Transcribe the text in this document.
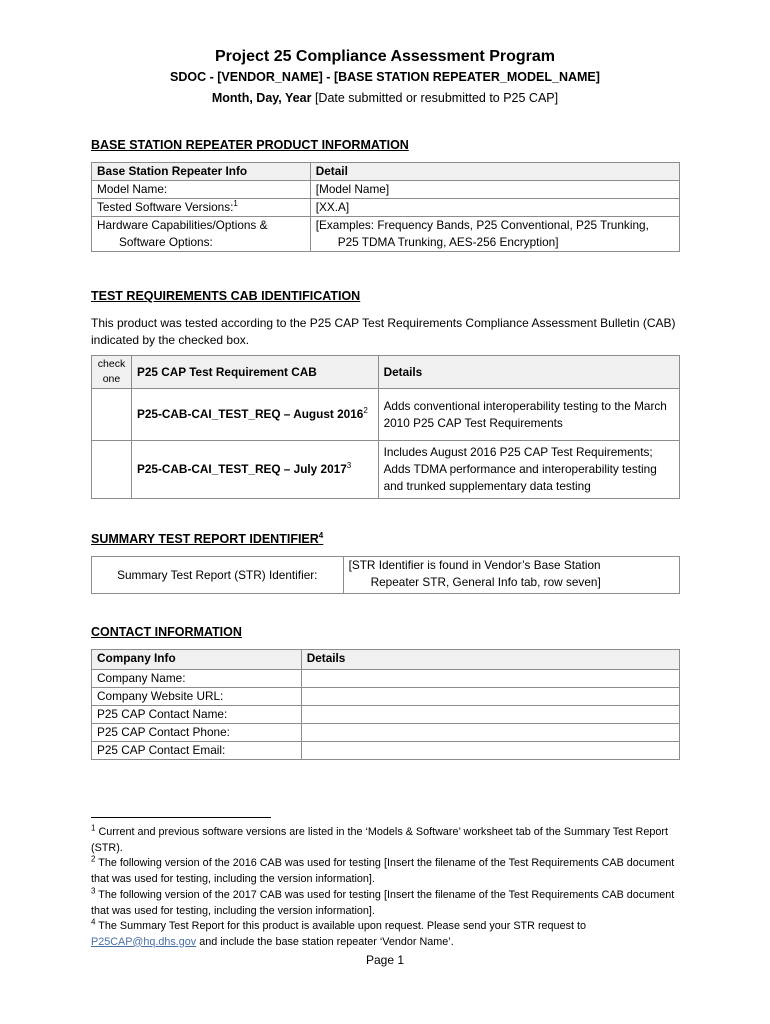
Project 25 Compliance Assessment Program
SDOC - [VENDOR_NAME] - [BASE STATION REPEATER_MODEL_NAME]
Month, Day, Year [Date submitted or resubmitted to P25 CAP]
BASE STATION REPEATER PRODUCT INFORMATION
Base Station Repeater Info	Detail
Model Name:	[Model Name]
Tested Software Versions:$^1$	[XX.A]
Hardware Capabilities/Options &
Software Options:	[Examples: Frequency Bands, P25 Conventional, P25 Trunking,
P25 TDMA Trunking, AES-256 Encryption]
TEST REQUIREMENTS CAB IDENTIFICATION
This product was tested according to the P25 CAP Test Requirements Compliance Assessment Bulletin (CAB) indicated by the checked box.
check
one	P25 CAP Test Requirement CAB	Details
	P25-CAB-CAI_TEST_REQ – August 2016$^2$	Adds conventional interoperability testing to the March 2010 P25 CAP Test Requirements
	P25-CAB-CAI_TEST_REQ – July 2017$^3$	Includes August 2016 P25 CAP Test Requirements; Adds TDMA performance and interoperability testing and trunked supplementary data testing
SUMMARY TEST REPORT IDENTIFIER$^4$
Summary Test Report (STR) Identifier:	[STR Identifier is found in Vendor’s Base Station
Repeater STR, General Info tab, row seven]
CONTACT INFORMATION
Company Info	Details
Company Name:	
Company Website URL:	
P25 CAP Contact Name:	
P25 CAP Contact Phone:	
P25 CAP Contact Email:	
$^1$ Current and previous software versions are listed in the ‘Models & Software’ worksheet tab of the Summary Test Report (STR).
$^2$ The following version of the 2016 CAB was used for testing [Insert the filename of the Test Requirements CAB document that was used for testing, including the version information].
$^3$ The following version of the 2017 CAB was used for testing [Insert the filename of the Test Requirements CAB document that was used for testing, including the version information].
$^4$ The Summary Test Report for this product is available upon request. Please send your STR request to P25CAP@hq.dhs.gov and include the base station repeater ‘Vendor Name’.
Page 1
